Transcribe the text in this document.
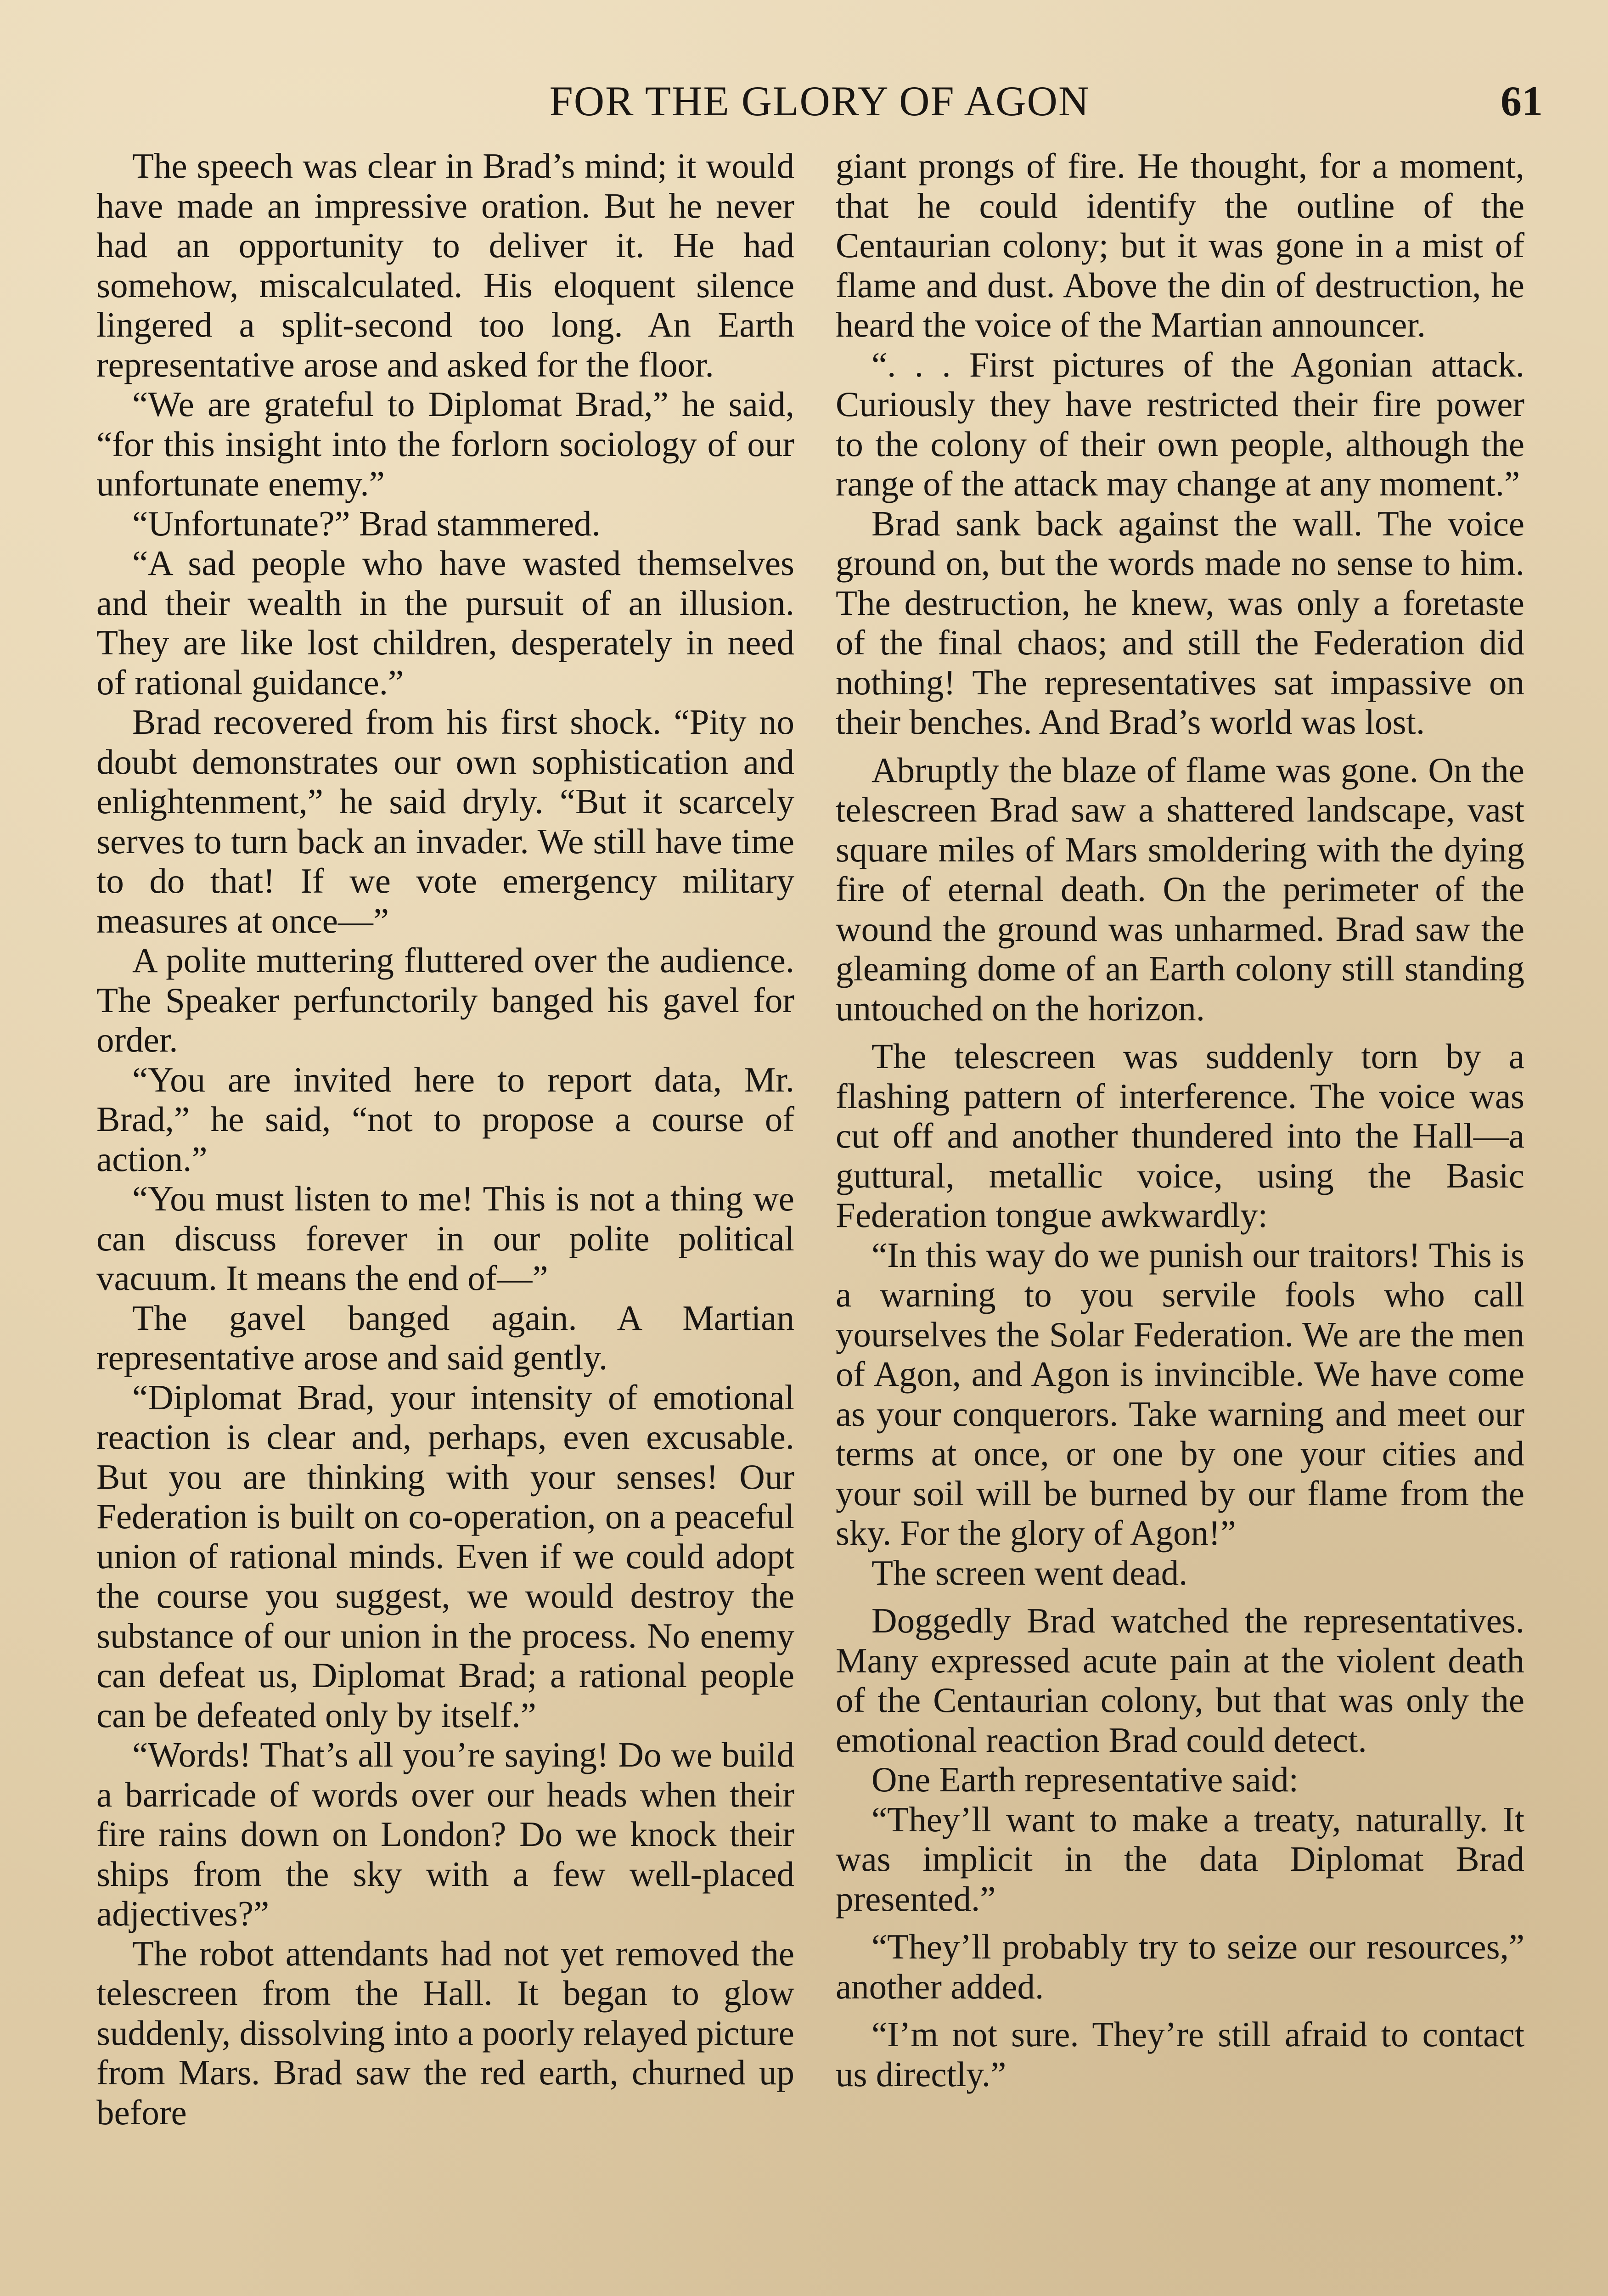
FOR THE GLORY OF AGON	61

The speech was clear in Brad’s mind; it would have made an impressive oration. But he never had an opportunity to deliver it. He had somehow, miscalculated. His eloquent silence lingered a split-second too long. An Earth representative arose and asked for the floor.

“We are grateful to Diplomat Brad,” he said, “for this insight into the forlorn sociology of our unfortunate enemy.”

“Unfortunate?” Brad stammered.

“A sad people who have wasted themselves and their wealth in the pursuit of an illusion. They are like lost children, desperately in need of rational guidance.”

Brad recovered from his first shock. “Pity no doubt demonstrates our own sophistication and enlightenment,” he said dryly. “But it scarcely serves to turn back an invader. We still have time to do that! If we vote emergency military measures at once—”

A polite muttering fluttered over the audience. The Speaker perfunctorily banged his gavel for order.

“You are invited here to report data, Mr. Brad,” he said, “not to propose a course of action.”

“You must listen to me! This is not a thing we can discuss forever in our polite political vacuum. It means the end of—”

The gavel banged again. A Martian representative arose and said gently.

“Diplomat Brad, your intensity of emotional reaction is clear and, perhaps, even excusable. But you are thinking with your senses! Our Federation is built on co-operation, on a peaceful union of rational minds. Even if we could adopt the course you suggest, we would destroy the substance of our union in the process. No enemy can defeat us, Diplomat Brad; a rational people can be defeated only by itself.”

“Words! That’s all you’re saying! Do we build a barricade of words over our heads when their fire rains down on London? Do we knock their ships from the sky with a few well-placed adjectives?”

The robot attendants had not yet removed the telescreen from the Hall. It began to glow suddenly, dissolving into a poorly relayed picture from Mars. Brad saw the red earth, churned up before

giant prongs of fire. He thought, for a moment, that he could identify the outline of the Centaurian colony; but it was gone in a mist of flame and dust. Above the din of destruction, he heard the voice of the Martian announcer.

“. . . First pictures of the Agonian attack. Curiously they have restricted their fire power to the colony of their own people, although the range of the attack may change at any moment.”

Brad sank back against the wall. The voice ground on, but the words made no sense to him. The destruction, he knew, was only a foretaste of the final chaos; and still the Federation did nothing! The representatives sat impassive on their benches. And Brad’s world was lost.

Abruptly the blaze of flame was gone. On the telescreen Brad saw a shattered landscape, vast square miles of Mars smoldering with the dying fire of eternal death. On the perimeter of the wound the ground was unharmed. Brad saw the gleaming dome of an Earth colony still standing untouched on the horizon.

The telescreen was suddenly torn by a flashing pattern of interference. The voice was cut off and another thundered into the Hall—a guttural, metallic voice, using the Basic Federation tongue awkwardly:

“In this way do we punish our traitors! This is a warning to you servile fools who call yourselves the Solar Federation. We are the men of Agon, and Agon is invincible. We have come as your conquerors. Take warning and meet our terms at once, or one by one your cities and your soil will be burned by our flame from the sky. For the glory of Agon!”

The screen went dead.

Doggedly Brad watched the representatives. Many expressed acute pain at the violent death of the Centaurian colony, but that was only the emotional reaction Brad could detect.

One Earth representative said:

“They’ll want to make a treaty, naturally. It was implicit in the data Diplomat Brad presented.”

“They’ll probably try to seize our resources,” another added.

“I’m not sure. They’re still afraid to contact us directly.”
